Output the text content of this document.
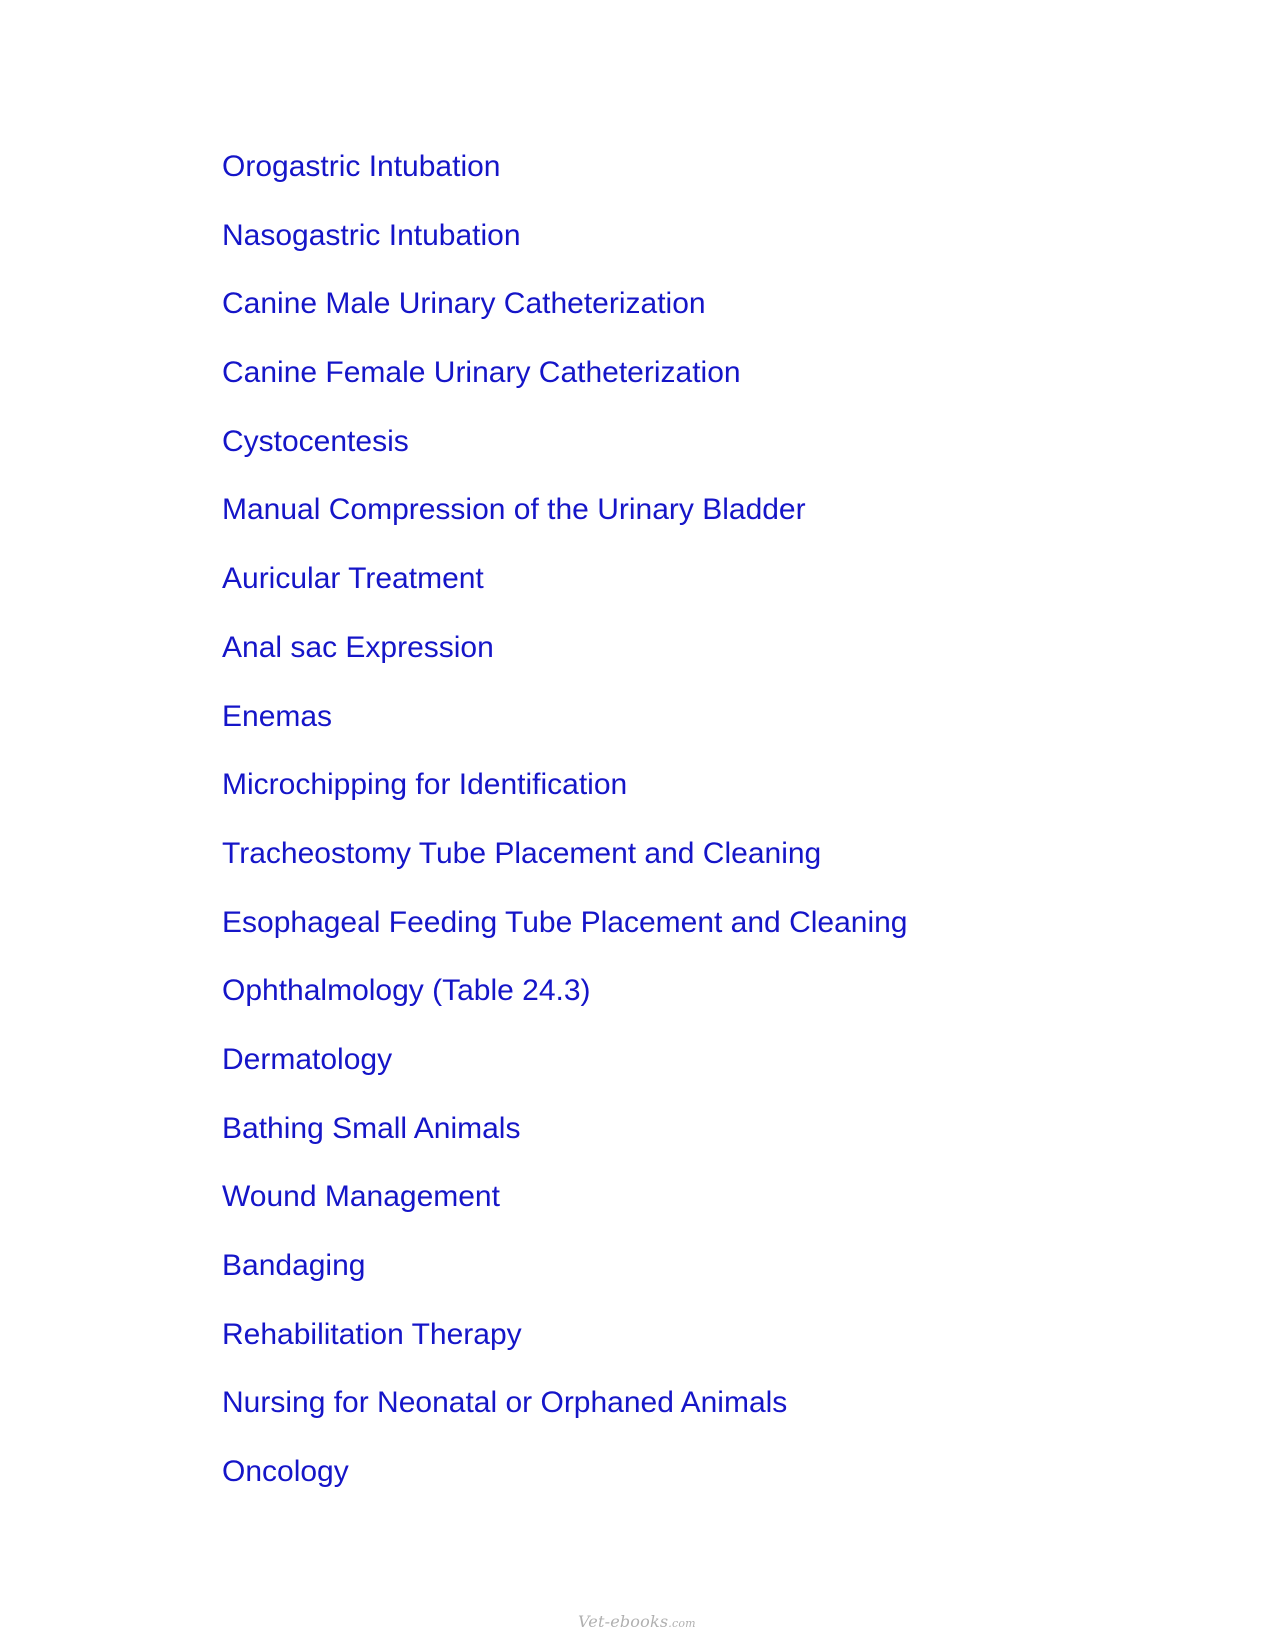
Orogastric Intubation
Nasogastric Intubation
Canine Male Urinary Catheterization
Canine Female Urinary Catheterization
Cystocentesis
Manual Compression of the Urinary Bladder
Auricular Treatment
Anal sac Expression
Enemas
Microchipping for Identification
Tracheostomy Tube Placement and Cleaning
Esophageal Feeding Tube Placement and Cleaning
Ophthalmology (Table 24.3)
Dermatology
Bathing Small Animals
Wound Management
Bandaging
Rehabilitation Therapy
Nursing for Neonatal or Orphaned Animals
Oncology
Vet-ebooks.com
